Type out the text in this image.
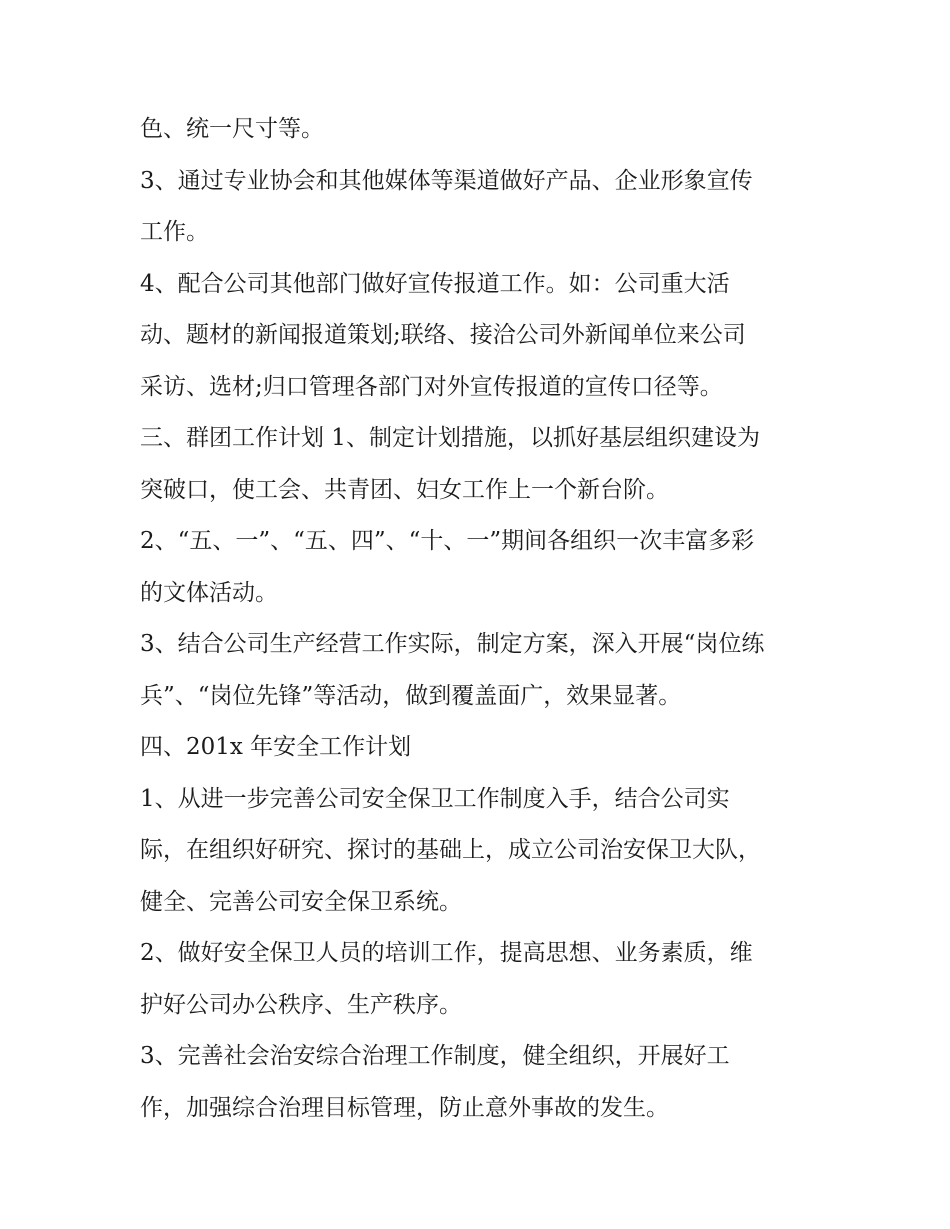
色、统一尺寸等。
3、通过专业协会和其他媒体等渠道做好产品、企业形象宣传
工作。
4、配合公司其他部门做好宣传报道工作。如：公司重大活
动、题材的新闻报道策划;联络、接洽公司外新闻单位来公司
采访、选材;归口管理各部门对外宣传报道的宣传口径等。
三、群团工作计划 1、制定计划措施，以抓好基层组织建设为
突破口，使工会、共青团、妇女工作上一个新台阶。
2、“五、一”、“五、四”、“十、一”期间各组织一次丰富多彩
的文体活动。
3、结合公司生产经营工作实际，制定方案，深入开展“岗位练
兵”、“岗位先锋”等活动，做到覆盖面广，效果显著。
四、201x 年安全工作计划
1、从进一步完善公司安全保卫工作制度入手，结合公司实
际，在组织好研究、探讨的基础上，成立公司治安保卫大队，
健全、完善公司安全保卫系统。
2、做好安全保卫人员的培训工作，提高思想、业务素质，维
护好公司办公秩序、生产秩序。
3、完善社会治安综合治理工作制度，健全组织，开展好工
作，加强综合治理目标管理，防止意外事故的发生。
